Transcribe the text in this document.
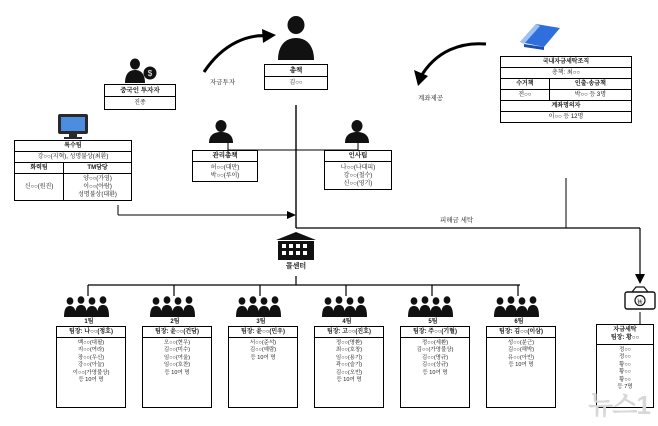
총책
김○○
$
중국인 투자자
진종
자금투자
계좌제공
국내자금세탁조직	
총책: 최○○	
수거책	인출·송금책
전○○	박○○ 등 3명
계좌명의자	
이○○ 등 12명	
특수팀	
강○○(지혁), 성명불상(최환)	
화력팀	TM담당
신○○(원진)	양○○(가영)
이○○(아람)
성명불상(대환)
관리총책
허○○(대만)
박○○(루이)
인사팀
나○○(나대피)
강○○(철수)
신○○(영기)
콜센터
피해금 세탁
￦
자금세탁
팀장: 황○○
정○○
정○○
황○○
황○○
황○○
등 7명
1팀
팀장: 나○○(정호)
백○○(대필)
지○○(여라)
장○○(우신)
강○○(아늘)
이○○(가영불상)
등 10여 명
2팀
팀장: 윤○○(건담)
오○○(현우)
김○○(미수)
임○○(여울)
임○○(호찬)
등 10여 명
3팀
팀장: 윤○○(민우)
서○○(준석)
김○○(예람)
등 10여 명
4팀
팀장: 고○○(진호)
정○○(명환)
최○○(호창)
임○○(용기)
곽○○(슬기)
김○○(오빈)
등 10여 명
5팀
팀장: 주○○(기혈)
정○○(세환)
김○○(가영불상)
김○○(명규)
김○○(상규)
등 10여 명
6팀
팀장: 김○○(이삼)
성○○(분근)
김○○(해박)
유○○(아빈)
등 10여 명
뉴스1
